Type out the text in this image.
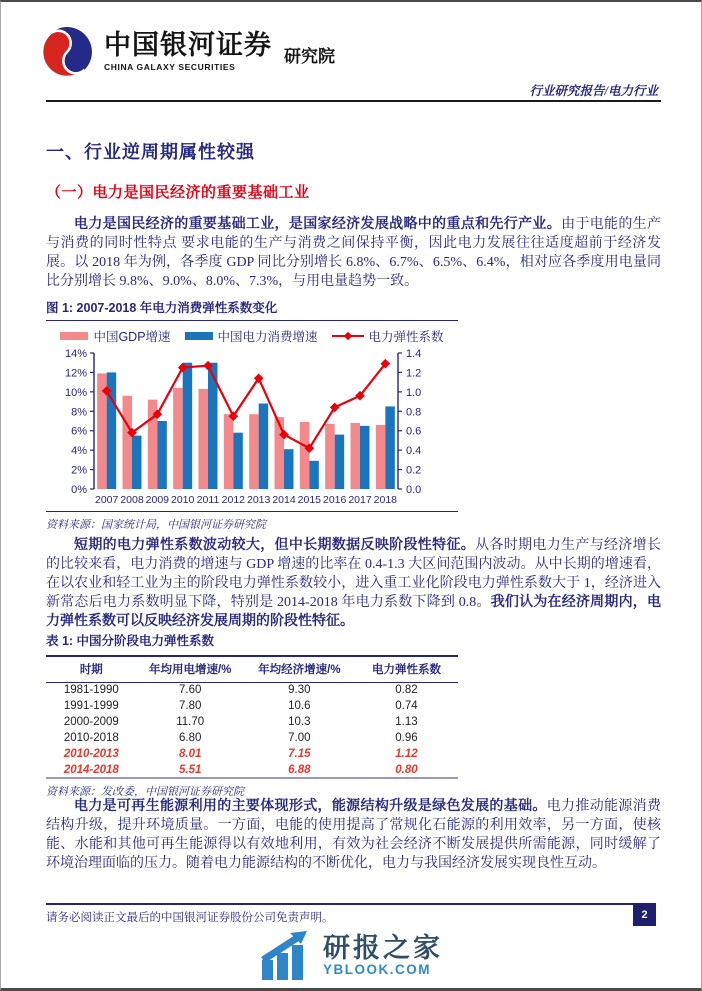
中国银河证券
CHINA GALAXY SECURITIES
研究院
行业研究报告/电力行业
一、行业逆周期属性较强
（一）电力是国民经济的重要基础工业
电力是国民经济的重要基础工业，是国家经济发展战略中的重点和先行产业。由于电能的生产与消费的同时性特点 要求电能的生产与消费之间保持平衡，因此电力发展往往适度超前于经济发展。以 2018 年为例，各季度 GDP 同比分别增长 6.8%、6.7%、6.5%、6.4%，相对应各季度用电量同比分别增长 9.8%、9.0%、8.0%、7.3%，与用电量趋势一致。
图 1: 2007-2018 年电力消费弹性系数变化
中国GDP增速	中国电力消费增速	电力弹性系数
0%
2%
4%
6%
8%
10%
12%
14%
0.0
0.2
0.4
0.6
0.8
1.0
1.2
1.4
2007 2008 2009 2010 2011 2012 2013 2014 2015 2016 2017 2018
资料来源：国家统计局，中国银河证券研究院
短期的电力弹性系数波动较大，但中长期数据反映阶段性特征。从各时期电力生产与经济增长的比较来看，电力消费的增速与 GDP 增速的比率在 0.4-1.3 大区间范围内波动。从中长期的增速看，在以农业和轻工业为主的阶段电力弹性系数较小，进入重工业化阶段电力弹性系数大于 1，经济进入新常态后电力系数明显下降，特别是 2014-2018 年电力系数下降到 0.8。我们认为在经济周期内，电力弹性系数可以反映经济发展周期的阶段性特征。
表 1: 中国分阶段电力弹性系数
时期	年均用电增速/%	年均经济增速/%	电力弹性系数
1981-1990	7.60	9.30	0.82
1991-1999	7.80	10.6	0.74
2000-2009	11.70	10.3	1.13
2010-2018	6.80	7.00	0.96
2010-2013	8.01	7.15	1.12
2014-2018	5.51	6.88	0.80
资料来源：发改委，中国银河证券研究院
电力是可再生能源利用的主要体现形式，能源结构升级是绿色发展的基础。电力推动能源消费结构升级，提升环境质量。一方面，电能的使用提高了常规化石能源的利用效率，另一方面，使核能、水能和其他可再生能源得以有效地利用，有效为社会经济不断发展提供所需能源，同时缓解了环境治理面临的压力。随着电力能源结构的不断优化，电力与我国经济发展实现良性互动。
2
请务必阅读正文最后的中国银河证券股份公司免责声明。
研报之家
YBLOOK.COM
